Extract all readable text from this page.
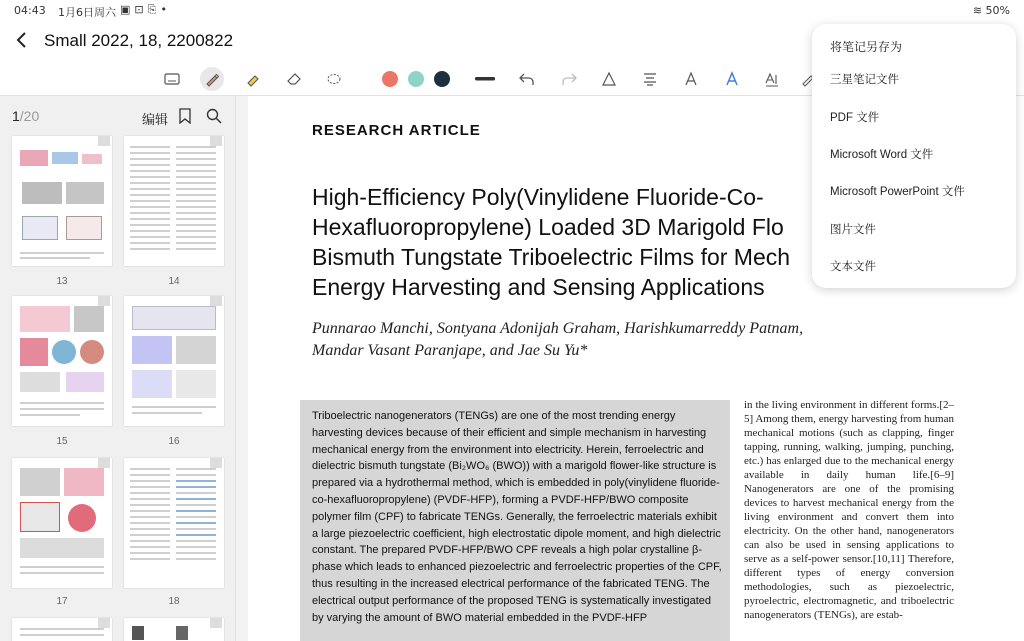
04:43 1月6日周六 ▣⊡⎘•	≋ 50%
Small 2022, 18, 2200822
1/20	编辑
13	14
15	16
17	18
RESEARCH ARTICLE
High-Efficiency Poly(Vinylidene Fluoride-Co-
Hexafluoropropylene) Loaded 3D Marigold Flo
Bismuth Tungstate Triboelectric Films for Mech
Energy Harvesting and Sensing Applications
Punnarao Manchi, Sontyana Adonijah Graham, Harishkumarreddy Patnam,
Mandar Vasant Paranjape, and Jae Su Yu*
Triboelectric nanogenerators (TENGs) are one of the most trending energy harvesting devices because of their efficient and simple mechanism in harvesting mechanical energy from the environment into electricity. Herein, ferroelectric and dielectric bismuth tungstate (Bi₂WO₆ (BWO)) with a marigold flower-like structure is prepared via a hydrothermal method, which is embedded in poly(vinylidene fluoride-co-hexafluoropropylene) (PVDF-HFP), forming a PVDF-HFP/BWO composite polymer film (CPF) to fabricate TENGs. Generally, the ferroelectric materials exhibit a large piezoelectric coefficient, high electrostatic dipole moment, and high dielectric constant. The prepared PVDF-HFP/BWO CPF reveals a high polar crystalline β-phase which leads to enhanced piezoelectric and ferroelectric properties of the CPF, thus resulting in the increased electrical performance of the fabricated TENG. The electrical output performance of the proposed TENG is systematically investigated by varying the amount of BWO material embedded in the PVDF-HFP
in the living environment in different forms.[2–5] Among them, energy harvesting from human mechanical motions (such as clapping, finger tapping, running, walking, jumping, punching, etc.) has enlarged due to the mechanical energy available in daily human life.[6–9] Nanogenerators are one of the promising devices to harvest mechanical energy from the living environment and convert them into electricity. On the other hand, nanogenerators can also be used in sensing applications to serve as a self-power sensor.[10,11] Therefore, different types of energy conversion methodologies, such as piezoelectric, pyroelectric, electromagnetic, and triboelectric nanogenerators (TENGs), are estab-
将笔记另存为
三星笔记文件
PDF 文件
Microsoft Word 文件
Microsoft PowerPoint 文件
图片文件
文本文件
